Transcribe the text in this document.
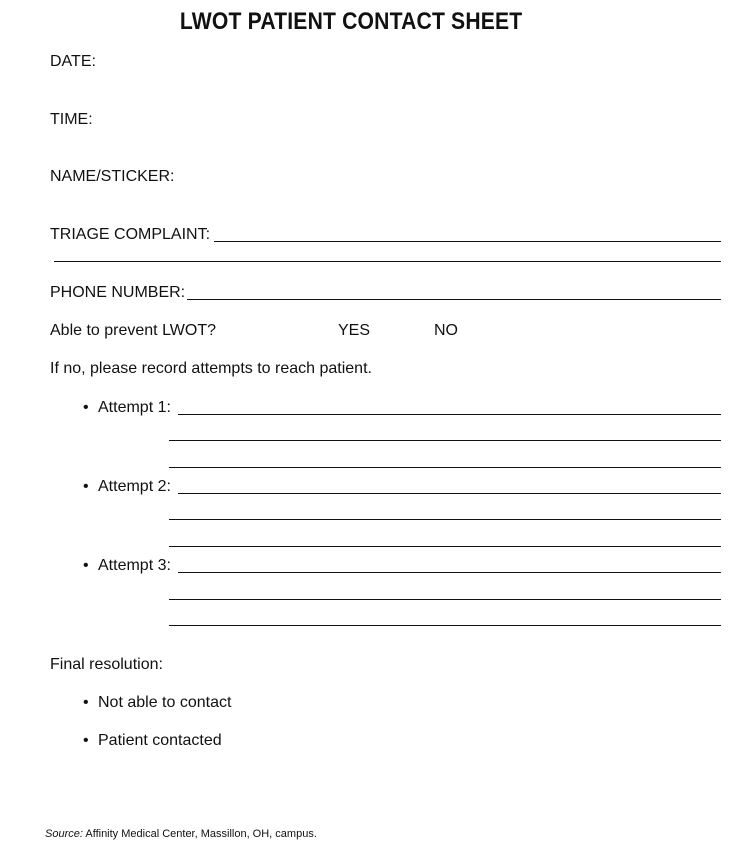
LWOT PATIENT CONTACT SHEET
DATE:
TIME:
NAME/STICKER:
TRIAGE COMPLAINT:
PHONE NUMBER:
Able to prevent LWOT?	YES	NO
If no, please record attempts to reach patient.
• Attempt 1:
• Attempt 2:
• Attempt 3:
Final resolution:
• Not able to contact
• Patient contacted
Source: Affinity Medical Center, Massillon, OH, campus.
